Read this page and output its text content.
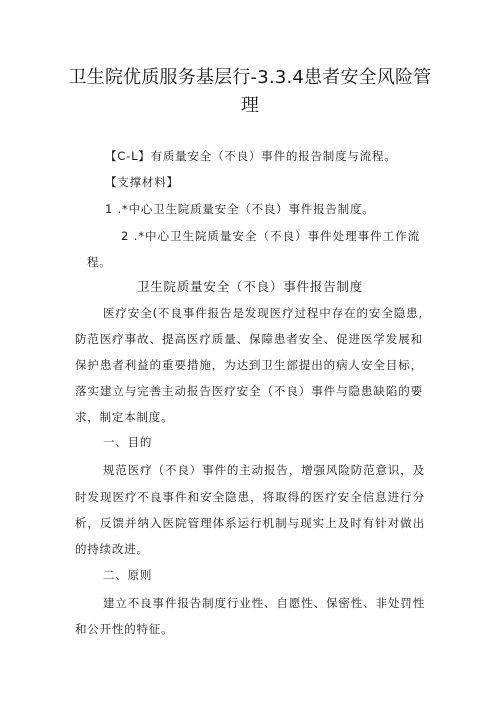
卫生院优质服务基层行-3.3.4患者安全风险管
理
【C-L】有质量安全（不良）事件的报告制度与流程。
【支撑材料】
1 .*中心卫生院质量安全（不良）事件报告制度。
2 .*中心卫生院质量安全（不良）事件处理事件工作流
程。
卫生院质量安全（不良）事件报告制度
医疗安全(不良事件报告是发现医疗过程中存在的安全隐患,
防范医疗事故、提高医疗质量、保障患者安全、促进医学发展和
保护患者利益的重要措施，为达到卫生部提出的病人安全目标，
落实建立与完善主动报告医疗安全（不良）事件与隐患缺陷的要
求，制定本制度。
一、目的
规范医疗（不良）事件的主动报告，增强风险防范意识，及
时发现医疗不良事件和安全隐患，将取得的医疗安全信息进行分
析，反馈并纳入医院管理体系运行机制与现实上及时有针对做出
的持续改进。
二、原则
建立不良事件报告制度行业性、自愿性、保密性、非处罚性
和公开性的特征。
